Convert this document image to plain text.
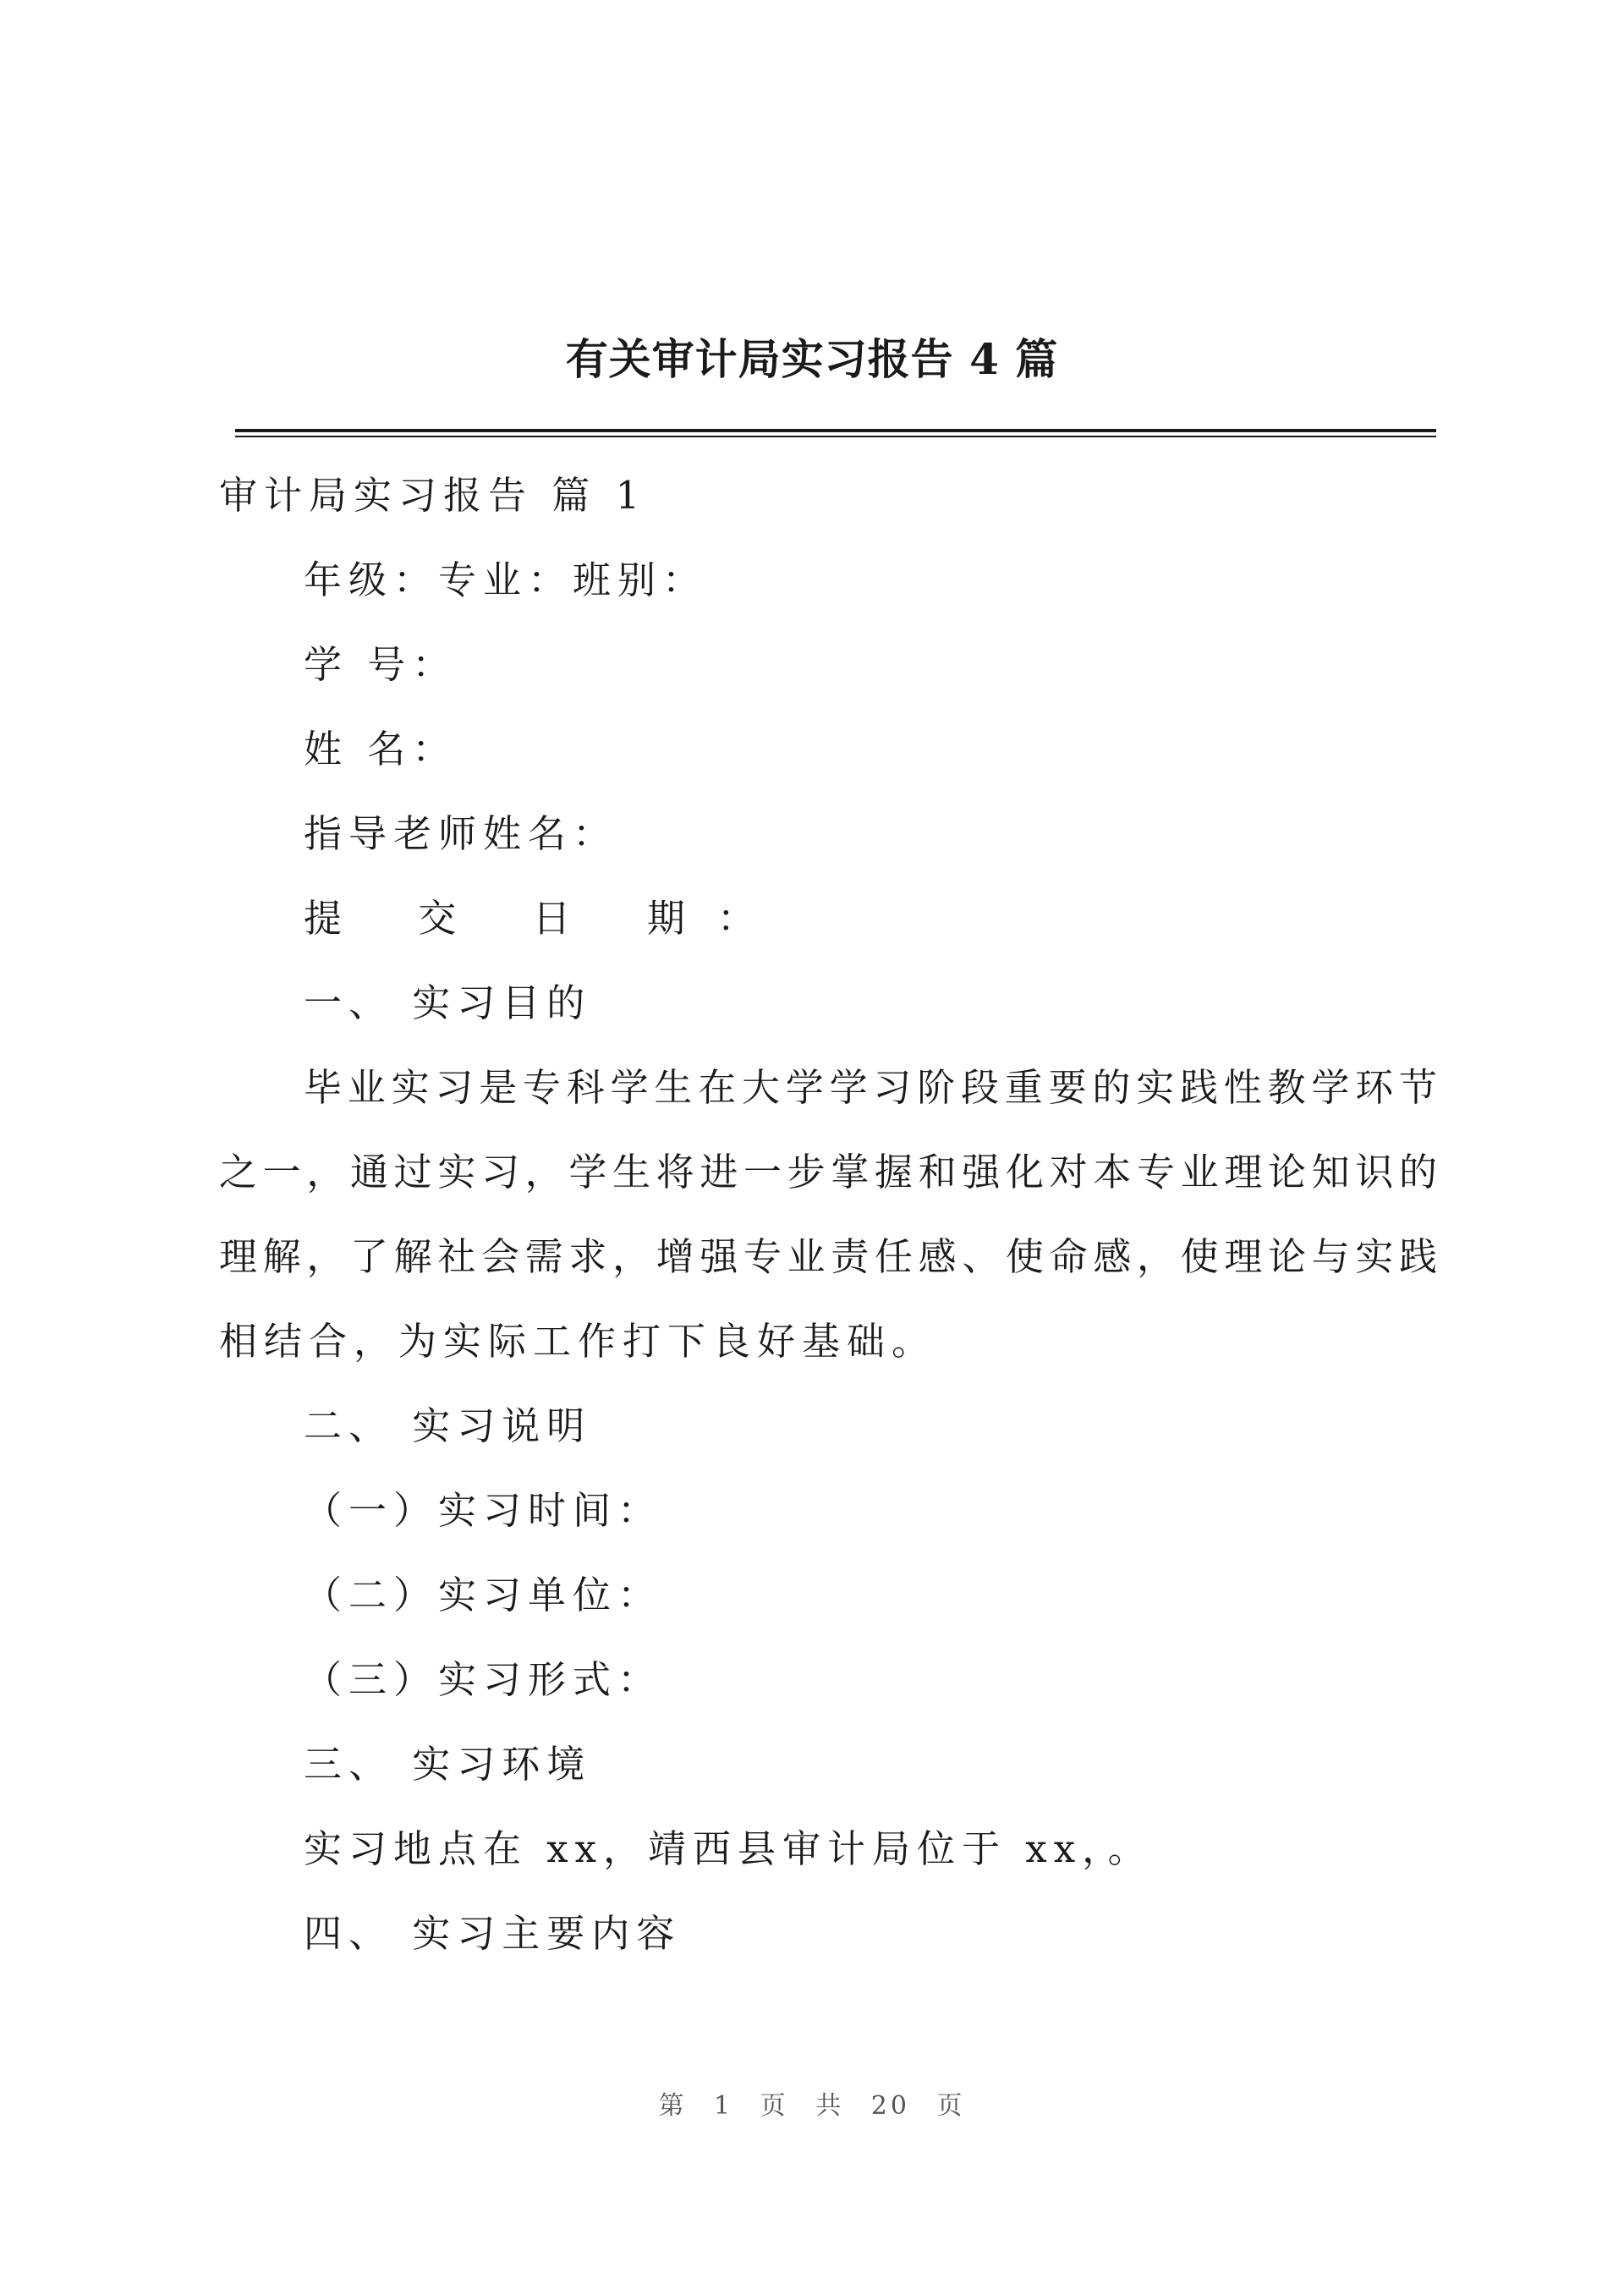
有关审计局实习报告 4 篇

审计局实习报告 篇 1

年级：专业：班别：

学 号：

姓 名：

指导老师姓名：

提 交 日 期：

一、 实习目的

毕业实习是专科学生在大学学习阶段重要的实践性教学环节

之一，通过实习，学生将进一步掌握和强化对本专业理论知识的

理解，了解社会需求，增强专业责任感、使命感，使理论与实践

相结合，为实际工作打下良好基础。

二、 实习说明

（一）实习时间：

（二）实习单位：

（三）实习形式：

三、 实习环境

实习地点在 xx，靖西县审计局位于 xx，。

四、 实习主要内容

第 1 页 共 20 页
